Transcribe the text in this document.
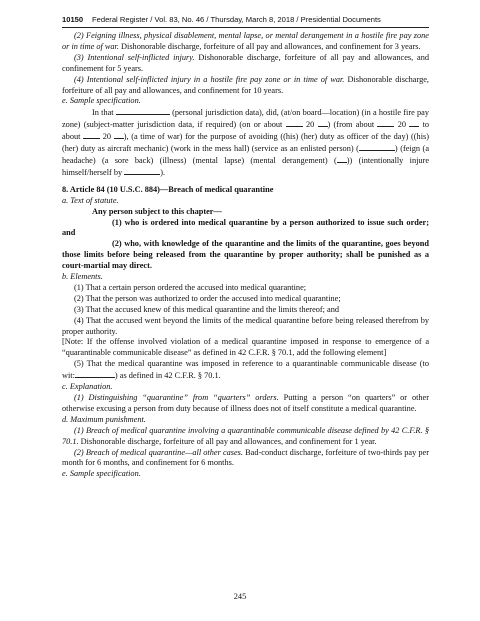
10150 Federal Register / Vol. 83, No. 46 / Thursday, March 8, 2018 / Presidential Documents

(2) Feigning illness, physical disablement, mental lapse, or mental derangement in a hostile fire pay zone or in time of war. Dishonorable discharge, forfeiture of all pay and allowances, and confinement for 3 years.

(3) Intentional self-inflicted injury. Dishonorable discharge, forfeiture of all pay and allowances, and confinement for 5 years.

(4) Intentional self-inflicted injury in a hostile fire pay zone or in time of war. Dishonorable discharge, forfeiture of all pay and allowances, and confinement for 10 years.

e. Sample specification.

In that	(personal jurisdiction data), did, (at/on board—location) (in a hostile fire pay zone) (subject-matter jurisdiction data, if required) (on or about	20 ) (from about	20 to about	20 ), (a time of war) for the purpose of avoiding ((his) (her) duty as officer of the day) ((his) (her) duty as aircraft mechanic) (work in the mess hall) (service as an enlisted person) (	) (feign (a headache) (a sore back) (illness) (mental lapse) (mental derangement) ( )) (intentionally injure himself/herself by	).

8. Article 84 (10 U.S.C. 884)—Breach of medical quarantine

a. Text of statute.

Any person subject to this chapter—

(1) who is ordered into medical quarantine by a person authorized to issue such order; and

(2) who, with knowledge of the quarantine and the limits of the quarantine, goes beyond those limits before being released from the quarantine by proper authority; shall be punished as a court-martial may direct.

b. Elements.

(1) That a certain person ordered the accused into medical quarantine;

(2) That the person was authorized to order the accused into medical quarantine;

(3) That the accused knew of this medical quarantine and the limits thereof; and

(4) That the accused went beyond the limits of the medical quarantine before being released therefrom by proper authority.

[Note: If the offense involved violation of a medical quarantine imposed in response to emergence of a “quarantinable communicable disease” as defined in 42 C.F.R. § 70.1, add the following element]

(5) That the medical quarantine was imposed in reference to a quarantinable communicable disease (to wit:	) as defined in 42 C.F.R. § 70.1.

c. Explanation.

(1) Distinguishing “quarantine” from “quarters” orders. Putting a person “on quarters” or other otherwise excusing a person from duty because of illness does not of itself constitute a medical quarantine.

d. Maximum punishment.

(1) Breach of medical quarantine involving a quarantinable communicable disease defined by 42 C.F.R. § 70.1. Dishonorable discharge, forfeiture of all pay and allowances, and confinement for 1 year.

(2) Breach of medical quarantine—all other cases. Bad-conduct discharge, forfeiture of two-thirds pay per month for 6 months, and confinement for 6 months.

e. Sample specification.

245
